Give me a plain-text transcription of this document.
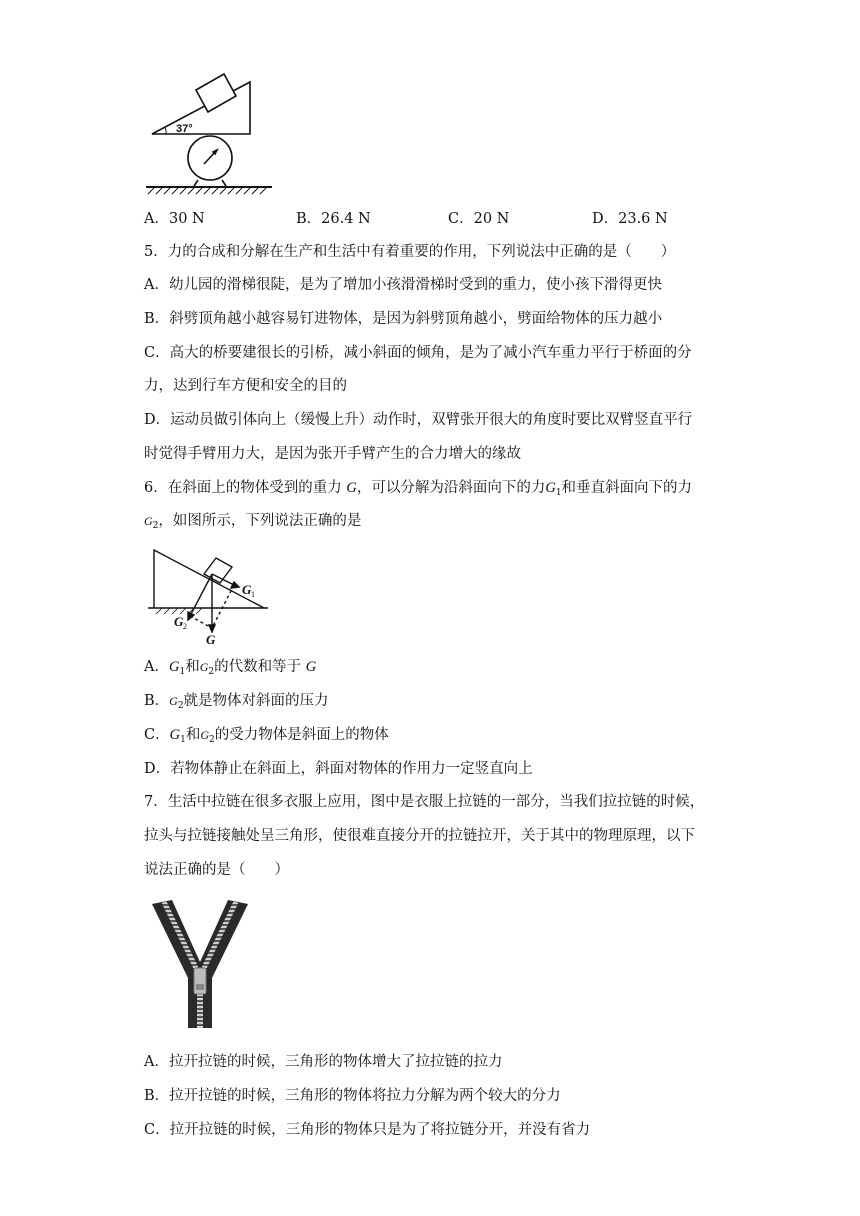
37°
A．30 N	B．26.4 N	C．20 N	D．23.6 N
5．力的合成和分解在生产和生活中有着重要的作用，下列说法中正确的是（　　）
A．幼儿园的滑梯很陡，是为了增加小孩滑滑梯时受到的重力，使小孩下滑得更快
B．斜劈顶角越小越容易钉进物体，是因为斜劈顶角越小，劈面给物体的压力越小
C．高大的桥要建很长的引桥，减小斜面的倾角，是为了减小汽车重力平行于桥面的分
力，达到行车方便和安全的目的
D．运动员做引体向上（缓慢上升）动作时，双臂张开很大的角度时要比双臂竖直平行
时觉得手臂用力大，是因为张开手臂产生的合力增大的缘故
6．在斜面上的物体受到的重力 G，可以分解为沿斜面向下的力$G_1$和垂直斜面向下的力
$G_2$，如图所示，下列说法正确的是
G 1
G 2
G
A．$G_1$和$G_2$的代数和等于 G
B．$G_2$就是物体对斜面的压力
C．$G_1$和$G_2$的受力物体是斜面上的物体
D．若物体静止在斜面上，斜面对物体的作用力一定竖直向上
7．生活中拉链在很多衣服上应用，图中是衣服上拉链的一部分，当我们拉拉链的时候，
拉头与拉链接触处呈三角形，使很难直接分开的拉链拉开，关于其中的物理原理，以下
说法正确的是（　　）
A．拉开拉链的时候，三角形的物体增大了拉拉链的拉力
B．拉开拉链的时候，三角形的物体将拉力分解为两个较大的分力
C．拉开拉链的时候，三角形的物体只是为了将拉链分开，并没有省力
